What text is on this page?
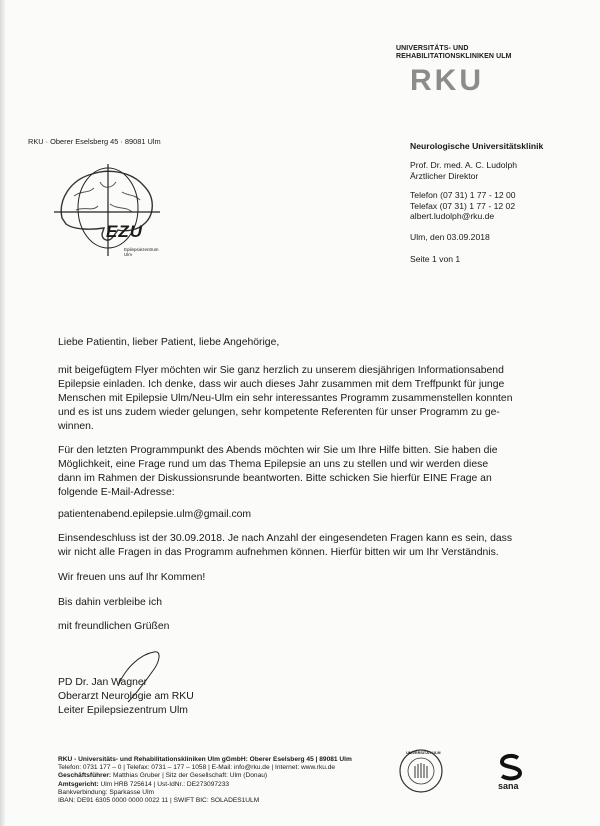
UNIVERSITÄTS- UND
REHABILITATIONSKLINIKEN ULM
RKU
RKU · Oberer Eselsberg 45 · 89081 Ulm
EZU
Epilepsiezentrum Ulm
Neurologische Universitätsklinik
Prof. Dr. med. A. C. Ludolph
Ärztlicher Direktor
Telefon (07 31) 1 77 - 12 00
Telefax (07 31) 1 77 - 12 02
albert.ludolph@rku.de
Ulm, den 03.09.2018
Seite 1 von 1
Liebe Patientin, lieber Patient, liebe Angehörige,
mit beigefügtem Flyer möchten wir Sie ganz herzlich zu unserem diesjährigen Informationsabend
Epilepsie einladen. Ich denke, dass wir auch dieses Jahr zusammen mit dem Treffpunkt für junge
Menschen mit Epilepsie Ulm/Neu-Ulm ein sehr interessantes Programm zusammenstellen konnten
und es ist uns zudem wieder gelungen, sehr kompetente Referenten für unser Programm zu ge-
winnen.
Für den letzten Programmpunkt des Abends möchten wir Sie um Ihre Hilfe bitten. Sie haben die
Möglichkeit, eine Frage rund um das Thema Epilepsie an uns zu stellen und wir werden diese
dann im Rahmen der Diskussionsrunde beantworten. Bitte schicken Sie hierfür EINE Frage an
folgende E-Mail-Adresse:
patientenabend.epilepsie.ulm@gmail.com
Einsendeschluss ist der 30.09.2018. Je nach Anzahl der eingesendeten Fragen kann es sein, dass
wir nicht alle Fragen in das Programm aufnehmen können. Hierfür bitten wir um Ihr Verständnis.
Wir freuen uns auf Ihr Kommen!
Bis dahin verbleibe ich
mit freundlichen Grüßen
PD Dr. Jan Wagner
Oberarzt Neurologie am RKU
Leiter Epilepsiezentrum Ulm
RKU - Universitäts- und Rehabilitationskliniken Ulm gGmbH: Oberer Eselsberg 45 | 89081 Ulm
Telefon: 0731 177 – 0 | Telefax: 0731 – 177 – 1058 | E-Mail: info@rku.de | Internet: www.rku.de
Geschäftsführer: Matthias Gruber | Sitz der Gesellschaft: Ulm (Donau)
Amtsgericht: Ulm HRB 725614 | Ust-IdNr.: DE273097233
Bankverbindung: Sparkasse Ulm
IBAN: DE91 6305 0000 0000 0022 11 | SWIFT BIC: SOLADES1ULM
UNIVERSITÄT ULM
sana
